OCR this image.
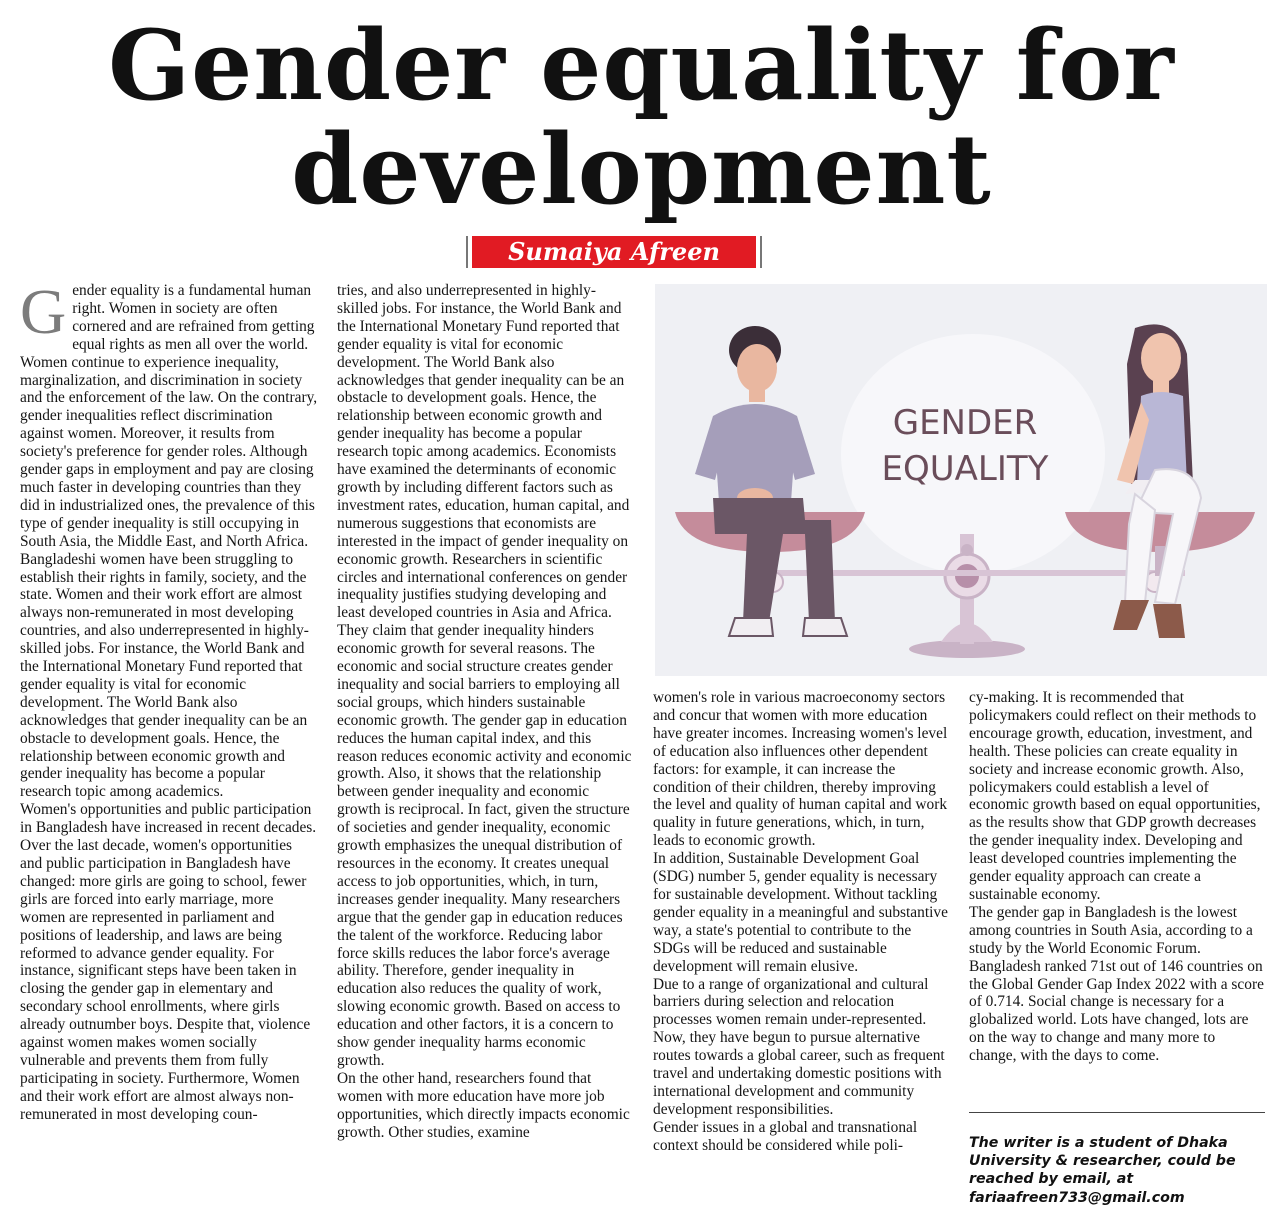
Gender equality for development
Sumaiya Afreen Faria

Gender equality is a fundamental human right. Women in society are often cornered and are refrained from getting equal rights as men all over the world. Women continue to experience inequality, marginalization, and discrimination in society and the enforcement of the law. On the contrary, gender inequalities reflect discrimination against women. Moreover, it results from society's preference for gender roles. Although gender gaps in employment and pay are closing much faster in developing countries than they did in industrialized ones, the prevalence of this type of gender inequality is still occupying in South Asia, the Middle East, and North Africa. Bangladeshi women have been struggling to establish their rights in family, society, and the state. Women and their work effort are almost always non-remunerated in most developing countries, and also underrepresented in highly-skilled jobs. For instance, the World Bank and the International Monetary Fund reported that gender equality is vital for economic development. The World Bank also acknowledges that gender inequality can be an obstacle to development goals. Hence, the relationship between economic growth and gender inequality has become a popular research topic among academics.

Women's opportunities and public participation in Bangladesh have increased in recent decades. Over the last decade, women's opportunities and public participation in Bangladesh have changed: more girls are going to school, fewer girls are forced into early marriage, more women are represented in parliament and positions of leadership, and laws are being reformed to advance gender equality. For instance, significant steps have been taken in closing the gender gap in elementary and secondary school enrollments, where girls already outnumber boys. Despite that, violence against women makes women socially vulnerable and prevents them from fully participating in society. Furthermore, Women and their work effort are almost always non-remunerated in most developing coun-

tries, and also underrepresented in highly-skilled jobs. For instance, the World Bank and the International Monetary Fund reported that gender equality is vital for economic development. The World Bank also acknowledges that gender inequality can be an obstacle to development goals. Hence, the relationship between economic growth and gender inequality has become a popular research topic among academics. Economists have examined the determinants of economic growth by including different factors such as investment rates, education, human capital, and numerous suggestions that economists are interested in the impact of gender inequality on economic growth. Researchers in scientific circles and international conferences on gender inequality justifies studying developing and least developed countries in Asia and Africa. They claim that gender inequality hinders economic growth for several reasons. The economic and social structure creates gender inequality and social barriers to employing all social groups, which hinders sustainable economic growth. The gender gap in education reduces the human capital index, and this reason reduces economic activity and economic growth. Also, it shows that the relationship between gender inequality and economic growth is reciprocal. In fact, given the structure of societies and gender inequality, economic growth emphasizes the unequal distribution of resources in the economy. It creates unequal access to job opportunities, which, in turn, increases gender inequality. Many researchers argue that the gender gap in education reduces the talent of the workforce. Reducing labor force skills reduces the labor force's average ability. Therefore, gender inequality in education also reduces the quality of work, slowing economic growth. Based on access to education and other factors, it is a concern to show gender inequality harms economic growth.

On the other hand, researchers found that women with more education have more job opportunities, which directly impacts economic growth. Other studies, examine

GENDER
EQUALITY

women's role in various macroeconomy sectors and concur that women with more education have greater incomes. Increasing women's level of education also influences other dependent factors: for example, it can increase the condition of their children, thereby improving the level and quality of human capital and work quality in future generations, which, in turn, leads to economic growth.

In addition, Sustainable Development Goal (SDG) number 5, gender equality is necessary for sustainable development. Without tackling gender equality in a meaningful and substantive way, a state's potential to contribute to the SDGs will be reduced and sustainable development will remain elusive.

Due to a range of organizational and cultural barriers during selection and relocation processes women remain under-represented. Now, they have begun to pursue alternative routes towards a global career, such as frequent travel and undertaking domestic positions with international development and community development responsibilities.

Gender issues in a global and transnational context should be considered while poli-

cy-making. It is recommended that policymakers could reflect on their methods to encourage growth, education, investment, and health. These policies can create equality in society and increase economic growth. Also, policymakers could establish a level of economic growth based on equal opportunities, as the results show that GDP growth decreases the gender inequality index. Developing and least developed countries implementing the gender equality approach can create a sustainable economy.

The gender gap in Bangladesh is the lowest among countries in South Asia, according to a study by the World Economic Forum. Bangladesh ranked 71st out of 146 countries on the Global Gender Gap Index 2022 with a score of 0.714. Social change is necessary for a globalized world. Lots have changed, lots are on the way to change and many more to change, with the days to come.

The writer is a student of Dhaka University & researcher, could be reached by email, at fariaafreen733@gmail.com
